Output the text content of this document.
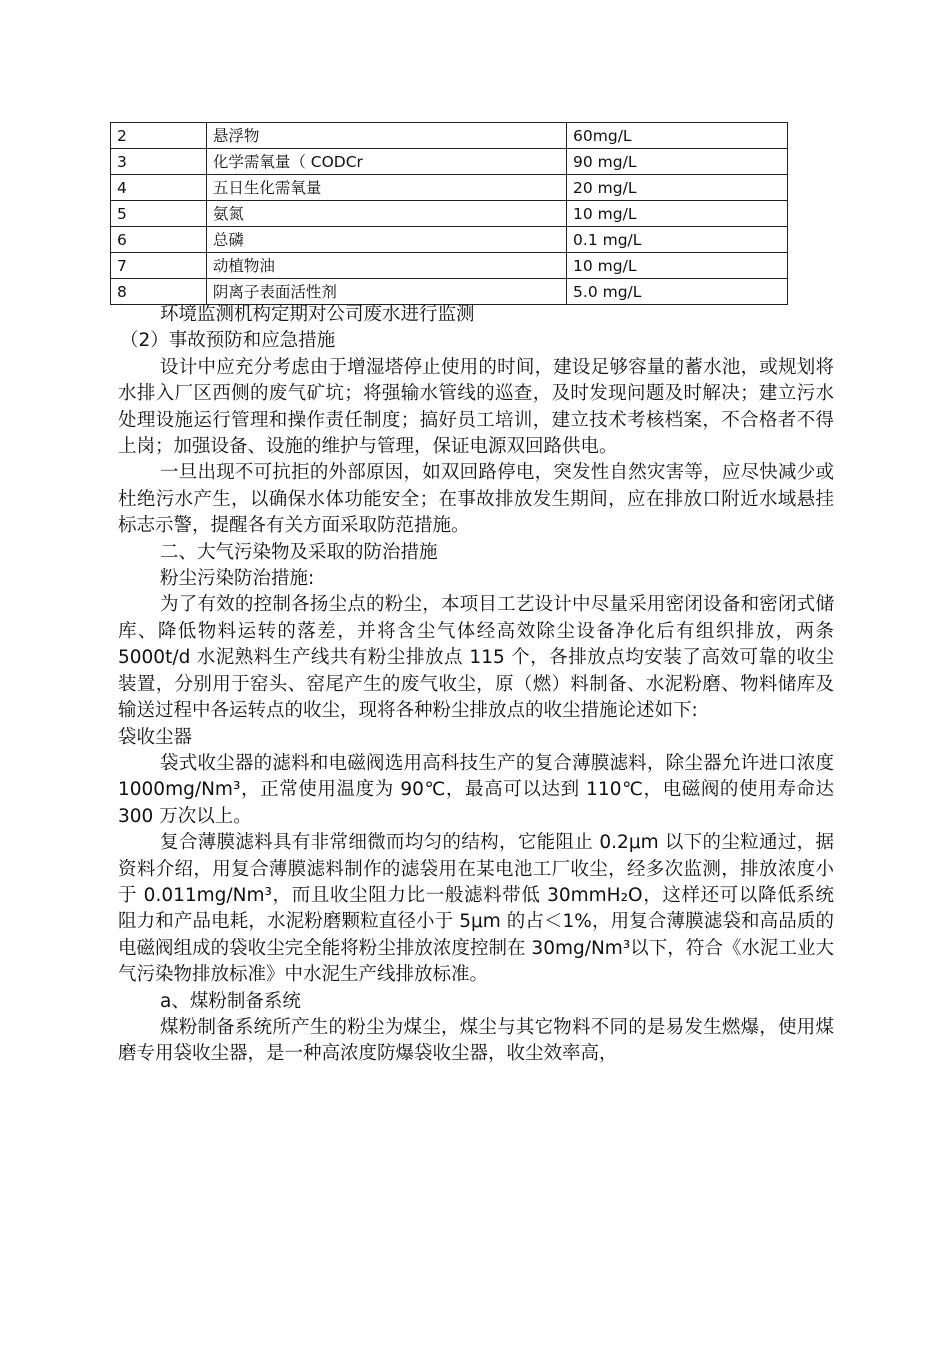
2	悬浮物	60mg/L
3	化学需氧量（ CODCr	90 mg/L
4	五日生化需氧量	20 mg/L
5	氨氮	10 mg/L
6	总磷	0.1 mg/L
7	动植物油	10 mg/L
8	阴离子表面活性剂	5.0 mg/L

环境监测机构定期对公司废水进行监测

（2）事故预防和应急措施

设计中应充分考虑由于增湿塔停止使用的时间，建设足够容量的蓄水池，或规划将水排入厂区西侧的废气矿坑；将强输水管线的巡查，及时发现问题及时解决；建立污水处理设施运行管理和操作责任制度；搞好员工培训，建立技术考核档案，不合格者不得上岗；加强设备、设施的维护与管理，保证电源双回路供电。

一旦出现不可抗拒的外部原因，如双回路停电，突发性自然灾害等，应尽快减少或杜绝污水产生，以确保水体功能安全；在事故排放发生期间，应在排放口附近水域悬挂标志示警，提醒各有关方面采取防范措施。

二、大气污染物及采取的防治措施

粉尘污染防治措施:

为了有效的控制各扬尘点的粉尘，本项目工艺设计中尽量采用密闭设备和密闭式储库、降低物料运转的落差，并将含尘气体经高效除尘设备净化后有组织排放，两条 5000t/d 水泥熟料生产线共有粉尘排放点 115 个，各排放点均安装了高效可靠的收尘装置，分别用于窑头、窑尾产生的废气收尘，原（燃）料制备、水泥粉磨、物料储库及输送过程中各运转点的收尘，现将各种粉尘排放点的收尘措施论述如下:

袋收尘器

袋式收尘器的滤料和电磁阀选用高科技生产的复合薄膜滤料，除尘器允许进口浓度 1000mg/Nm³，正常使用温度为 90℃，最高可以达到 110℃，电磁阀的使用寿命达 300 万次以上。

复合薄膜滤料具有非常细微而均匀的结构，它能阻止 0.2μm 以下的尘粒通过，据资料介绍，用复合薄膜滤料制作的滤袋用在某电池工厂收尘，经多次监测，排放浓度小于 0.011mg/Nm³，而且收尘阻力比一般滤料带低 30mmH₂O，这样还可以降低系统阻力和产品电耗，水泥粉磨颗粒直径小于 5μm 的占＜1%，用复合薄膜滤袋和高品质的电磁阀组成的袋收尘完全能将粉尘排放浓度控制在 30mg/Nm³以下，符合《水泥工业大气污染物排放标准》中水泥生产线排放标准。

a、煤粉制备系统

煤粉制备系统所产生的粉尘为煤尘，煤尘与其它物料不同的是易发生燃爆，使用煤磨专用袋收尘器，是一种高浓度防爆袋收尘器，收尘效率高，
